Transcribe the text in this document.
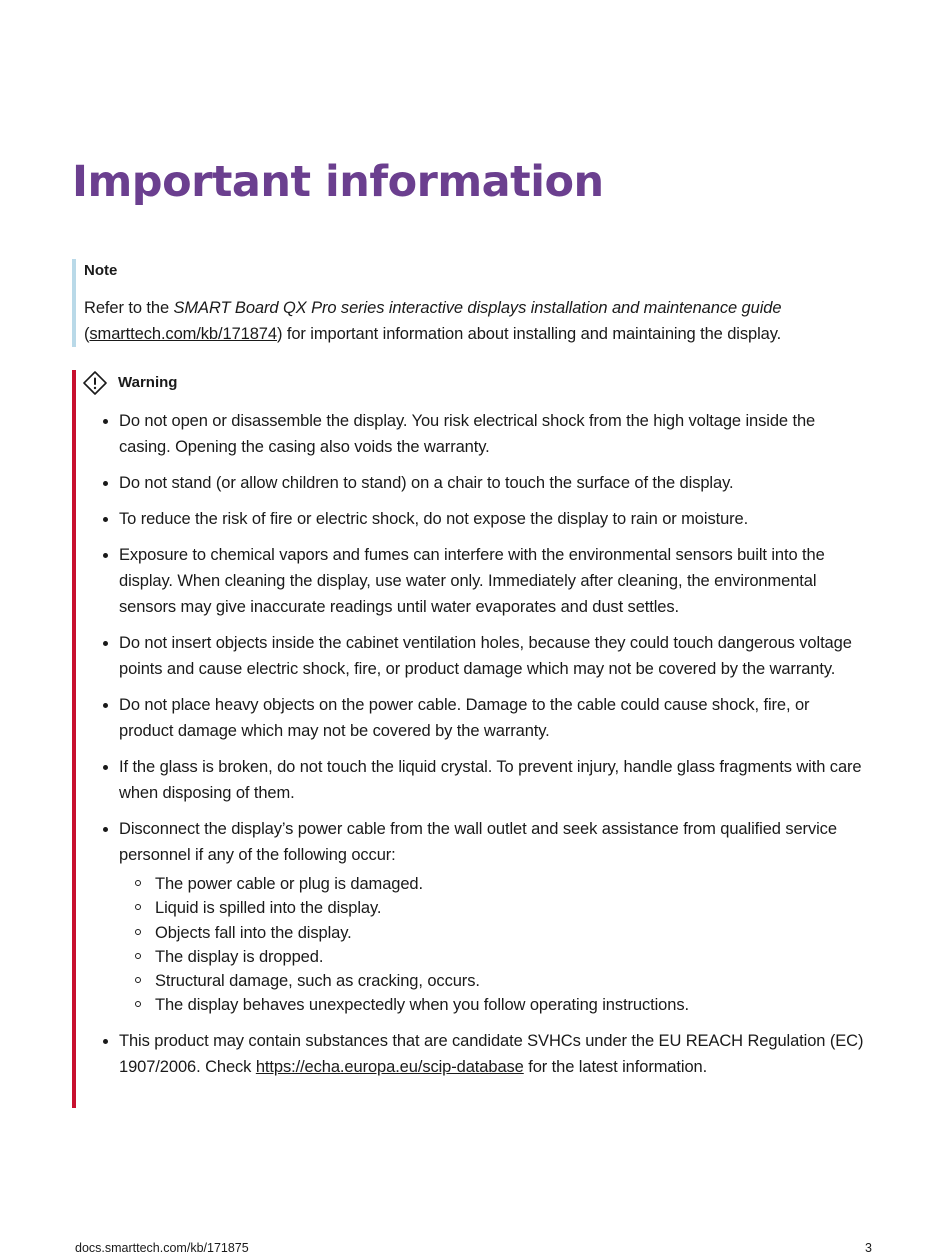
Important information
Note
Refer to the SMART Board QX Pro series interactive displays installation and maintenance guide (smarttech.com/kb/171874) for important information about installing and maintaining the display.
Warning
Do not open or disassemble the display. You risk electrical shock from the high voltage inside the casing. Opening the casing also voids the warranty.
Do not stand (or allow children to stand) on a chair to touch the surface of the display.
To reduce the risk of fire or electric shock, do not expose the display to rain or moisture.
Exposure to chemical vapors and fumes can interfere with the environmental sensors built into the display. When cleaning the display, use water only. Immediately after cleaning, the environmental sensors may give inaccurate readings until water evaporates and dust settles.
Do not insert objects inside the cabinet ventilation holes, because they could touch dangerous voltage points and cause electric shock, fire, or product damage which may not be covered by the warranty.
Do not place heavy objects on the power cable. Damage to the cable could cause shock, fire, or product damage which may not be covered by the warranty.
If the glass is broken, do not touch the liquid crystal. To prevent injury, handle glass fragments with care when disposing of them.
Disconnect the display’s power cable from the wall outlet and seek assistance from qualified service personnel if any of the following occur:
The power cable or plug is damaged.
Liquid is spilled into the display.
Objects fall into the display.
The display is dropped.
Structural damage, such as cracking, occurs.
The display behaves unexpectedly when you follow operating instructions.
This product may contain substances that are candidate SVHCs under the EU REACH Regulation (EC) 1907/2006. Check https://echa.europa.eu/scip-database for the latest information.
docs.smarttech.com/kb/171875	3
